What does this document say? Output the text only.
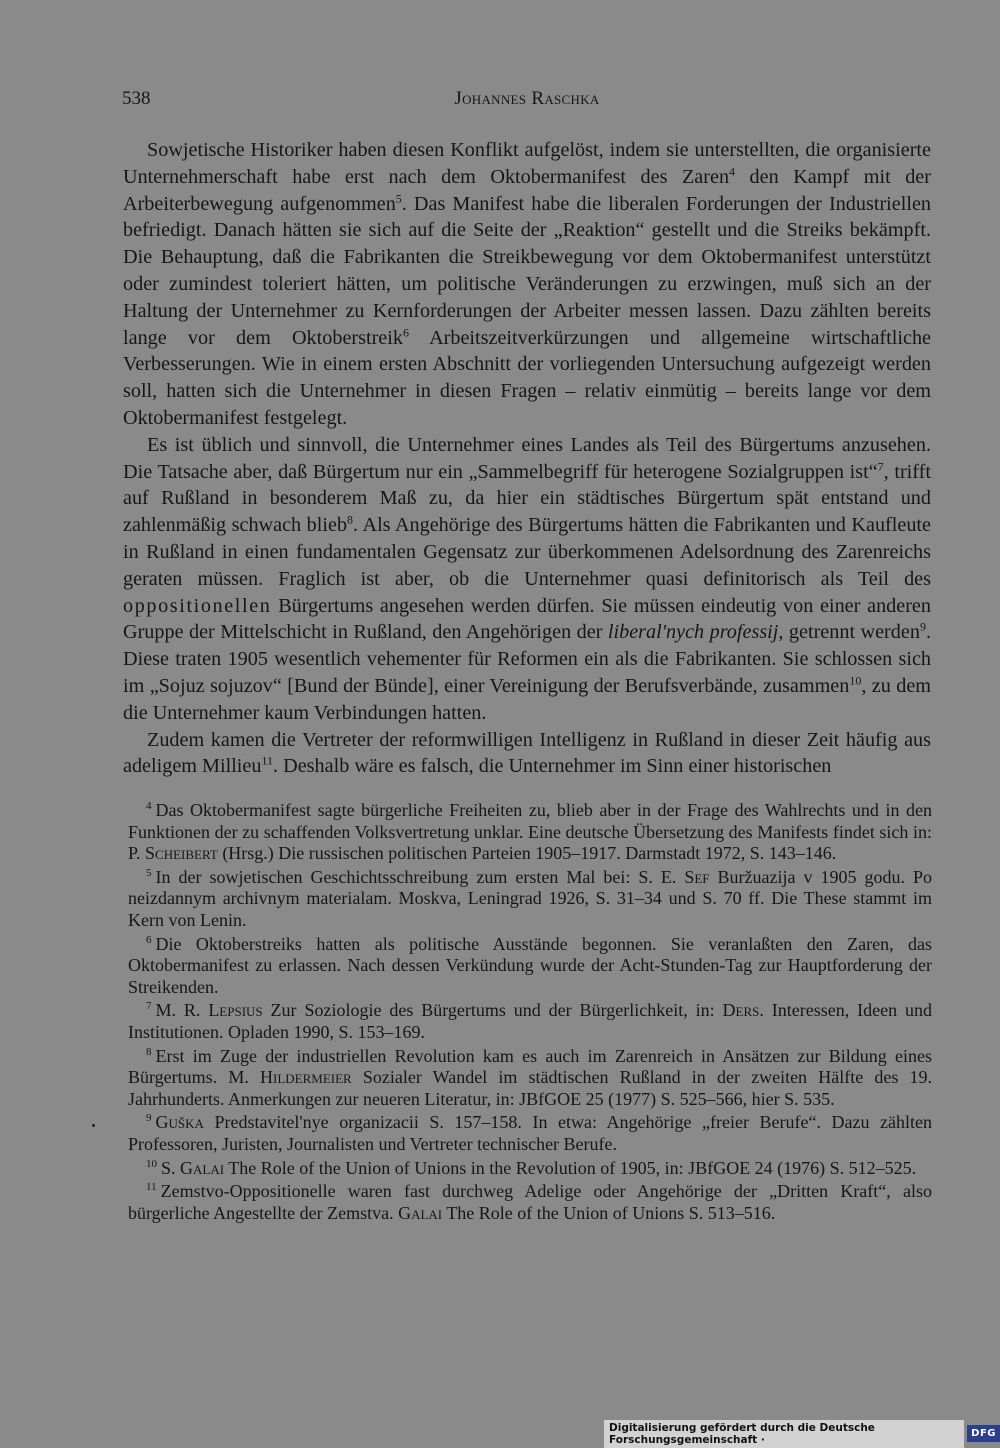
538	Johannes Raschka

Sowjetische Historiker haben diesen Konflikt aufgelöst, indem sie unterstellten, die organisierte Unternehmerschaft habe erst nach dem Oktobermanifest des Zaren$^4$ den Kampf mit der Arbeiterbewegung aufgenommen$^5$. Das Manifest habe die liberalen Forderungen der Industriellen befriedigt. Danach hätten sie sich auf die Seite der „Reaktion“ gestellt und die Streiks bekämpft. Die Behauptung, daß die Fabrikanten die Streikbewegung vor dem Oktobermanifest unterstützt oder zumindest toleriert hätten, um politische Veränderungen zu erzwingen, muß sich an der Haltung der Unternehmer zu Kernforderungen der Arbeiter messen lassen. Dazu zählten bereits lange vor dem Oktoberstreik$^6$ Arbeitszeitverkürzungen und allgemeine wirtschaftliche Verbesserungen. Wie in einem ersten Abschnitt der vorliegenden Untersuchung aufgezeigt werden soll, hatten sich die Unternehmer in diesen Fragen – relativ einmütig – bereits lange vor dem Oktobermanifest festgelegt.

Es ist üblich und sinnvoll, die Unternehmer eines Landes als Teil des Bürgertums anzusehen. Die Tatsache aber, daß Bürgertum nur ein „Sammelbegriff für heterogene Sozialgruppen ist“$^7$, trifft auf Rußland in besonderem Maß zu, da hier ein städtisches Bürgertum spät entstand und zahlenmäßig schwach blieb$^8$. Als Angehörige des Bürgertums hätten die Fabrikanten und Kaufleute in Rußland in einen fundamentalen Gegensatz zur überkommenen Adelsordnung des Zarenreichs geraten müssen. Fraglich ist aber, ob die Unternehmer quasi definitorisch als Teil des oppositionellen Bürgertums angesehen werden dürfen. Sie müssen eindeutig von einer anderen Gruppe der Mittelschicht in Rußland, den Angehörigen der liberal'nych professij, getrennt werden$^9$. Diese traten 1905 wesentlich vehementer für Reformen ein als die Fabrikanten. Sie schlossen sich im „Sojuz sojuzov“ [Bund der Bünde], einer Vereinigung der Berufsverbände, zusammen$^{10}$, zu dem die Unternehmer kaum Verbindungen hatten.

Zudem kamen die Vertreter der reformwilligen Intelligenz in Rußland in dieser Zeit häufig aus adeligem Millieu$^{11}$. Deshalb wäre es falsch, die Unternehmer im Sinn einer historischen

$^4$ Das Oktobermanifest sagte bürgerliche Freiheiten zu, blieb aber in der Frage des Wahlrechts und in den Funktionen der zu schaffenden Volksvertretung unklar. Eine deutsche Übersetzung des Manifests findet sich in: P. Scheibert (Hrsg.) Die russischen politischen Parteien 1905–1917. Darmstadt 1972, S. 143–146.

$^5$ In der sowjetischen Geschichtsschreibung zum ersten Mal bei: S. E. Sef Buržuazija v 1905 godu. Po neizdannym archivnym materialam. Moskva, Leningrad 1926, S. 31–34 und S. 70 ff. Die These stammt im Kern von Lenin.

$^6$ Die Oktoberstreiks hatten als politische Ausstände begonnen. Sie veranlaßten den Zaren, das Oktobermanifest zu erlassen. Nach dessen Verkündung wurde der Acht-Stunden-Tag zur Hauptforderung der Streikenden.

$^7$ M. R. Lepsius Zur Soziologie des Bürgertums und der Bürgerlichkeit, in: Ders. Interessen, Ideen und Institutionen. Opladen 1990, S. 153–169.

$^8$ Erst im Zuge der industriellen Revolution kam es auch im Zarenreich in Ansätzen zur Bildung eines Bürgertums. M. Hildermeier Sozialer Wandel im städtischen Rußland in der zweiten Hälfte des 19. Jahrhunderts. Anmerkungen zur neueren Literatur, in: JBfGOE 25 (1977) S. 525–566, hier S. 535.

$^9$ Guška Predstavitel'nye organizacii S. 157–158. In etwa: Angehörige „freier Berufe“. Dazu zählten Professoren, Juristen, Journalisten und Vertreter technischer Berufe.

$^{10}$ S. Galai The Role of the Union of Unions in the Revolution of 1905, in: JBfGOE 24 (1976) S. 512–525.

$^{11}$ Zemstvo-Oppositionelle waren fast durchweg Adelige oder Angehörige der „Dritten Kraft“, also bürgerliche Angestellte der Zemstva. Galai The Role of the Union of Unions S. 513–516.

Digitalisierung gefördert durch die Deutsche Forschungsgemeinschaft ·	DFG
